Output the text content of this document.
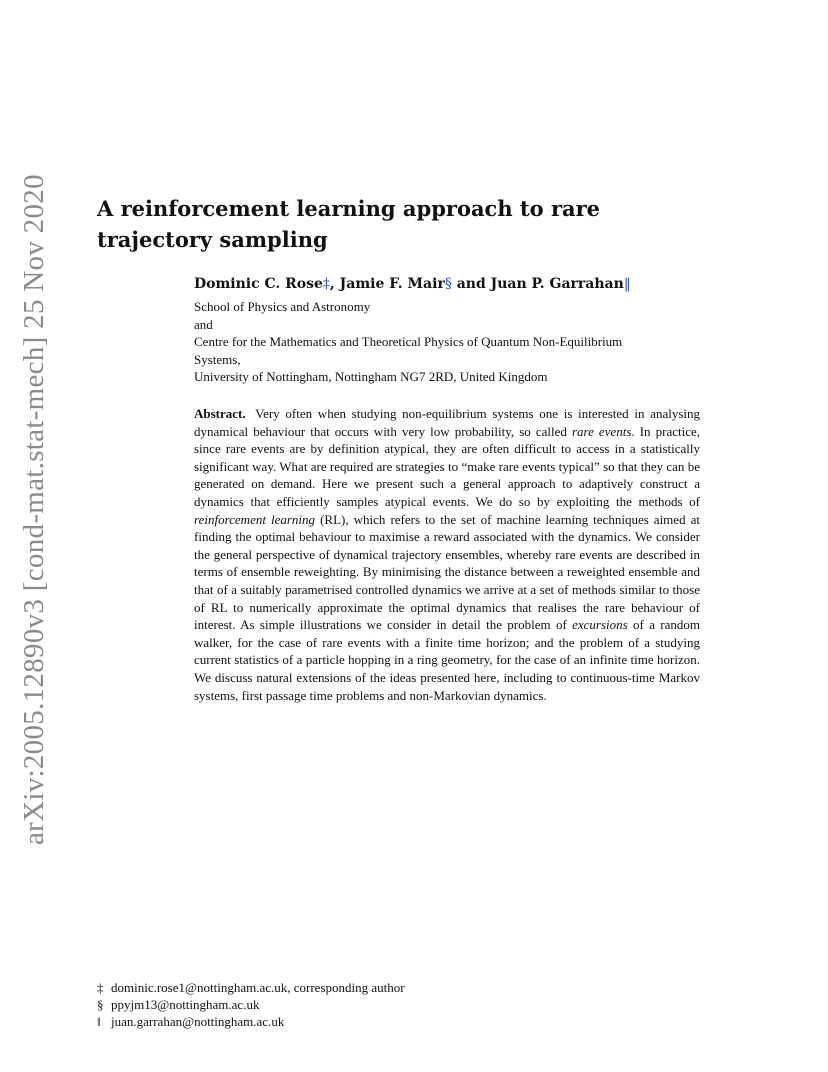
arXiv:2005.12890v3 [cond-mat.stat-mech] 25 Nov 2020 A reinforcement learning approach to rare trajectory sampling
Dominic C. Rose‡, Jamie F. Mair§ and Juan P. Garrahan‖
School of Physics and Astronomy
and
Centre for the Mathematics and Theoretical Physics of Quantum Non-Equilibrium
Systems,
University of Nottingham, Nottingham NG7 2RD, United Kingdom

Abstract. Very often when studying non-equilibrium systems one is interested in analysing dynamical behaviour that occurs with very low probability, so called rare events. In practice, since rare events are by definition atypical, they are often difficult to access in a statistically significant way. What are required are strategies to “make rare events typical” so that they can be generated on demand. Here we present such a general approach to adaptively construct a dynamics that efficiently samples atypical events. We do so by exploiting the methods of reinforcement learning (RL), which refers to the set of machine learning techniques aimed at finding the optimal behaviour to maximise a reward associated with the dynamics. We consider the general perspective of dynamical trajectory ensembles, whereby rare events are described in terms of ensemble reweighting. By minimising the distance between a reweighted ensemble and that of a suitably parametrised controlled dynamics we arrive at a set of methods similar to those of RL to numerically approximate the optimal dynamics that realises the rare behaviour of interest. As simple illustrations we consider in detail the problem of excursions of a random walker, for the case of rare events with a finite time horizon; and the problem of a studying current statistics of a particle hopping in a ring geometry, for the case of an infinite time horizon. We discuss natural extensions of the ideas presented here, including to continuous-time Markov systems, first passage time problems and non-Markovian dynamics.

‡ dominic.rose1@nottingham.ac.uk, corresponding author
§ ppyjm13@nottingham.ac.uk
‖ juan.garrahan@nottingham.ac.uk
